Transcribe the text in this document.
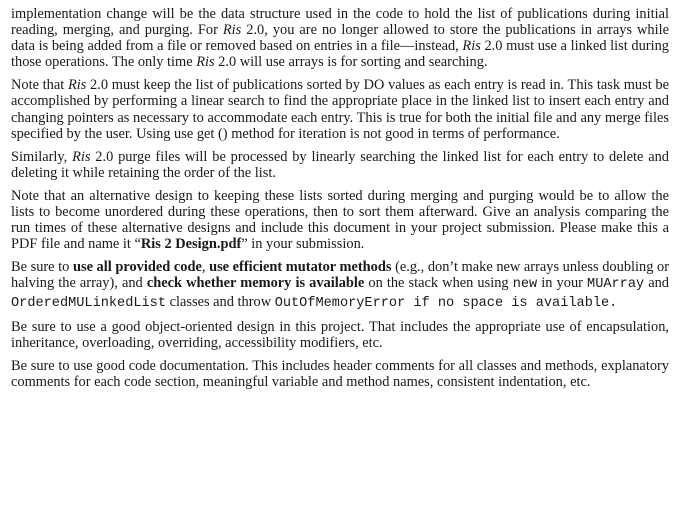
implementation change will be the data structure used in the code to hold the list of publications during initial reading, merging, and purging. For Ris 2.0, you are no longer allowed to store the publications in arrays while data is being added from a file or removed based on entries in a file—instead, Ris 2.0 must use a linked list during those operations. The only time Ris 2.0 will use arrays is for sorting and searching.

Note that Ris 2.0 must keep the list of publications sorted by DO values as each entry is read in. This task must be accomplished by performing a linear search to find the appropriate place in the linked list to insert each entry and changing pointers as necessary to accommodate each entry. This is true for both the initial file and any merge files specified by the user. Using use get () method for iteration is not good in terms of performance.

Similarly, Ris 2.0 purge files will be processed by linearly searching the linked list for each entry to delete and deleting it while retaining the order of the list.

Note that an alternative design to keeping these lists sorted during merging and purging would be to allow the lists to become unordered during these operations, then to sort them afterward. Give an analysis comparing the run times of these alternative designs and include this document in your project submission. Please make this a PDF file and name it “Ris 2 Design.pdf” in your submission.

Be sure to use all provided code, use efficient mutator methods (e.g., don’t make new arrays unless doubling or halving the array), and check whether memory is available on the stack when using new in your MUArray and OrderedMULinkedList classes and throw OutOfMemoryError if no space is available.

Be sure to use a good object-oriented design in this project. That includes the appropriate use of encapsulation, inheritance, overloading, overriding, accessibility modifiers, etc.

Be sure to use good code documentation. This includes header comments for all classes and methods, explanatory comments for each code section, meaningful variable and method names, consistent indentation, etc.
